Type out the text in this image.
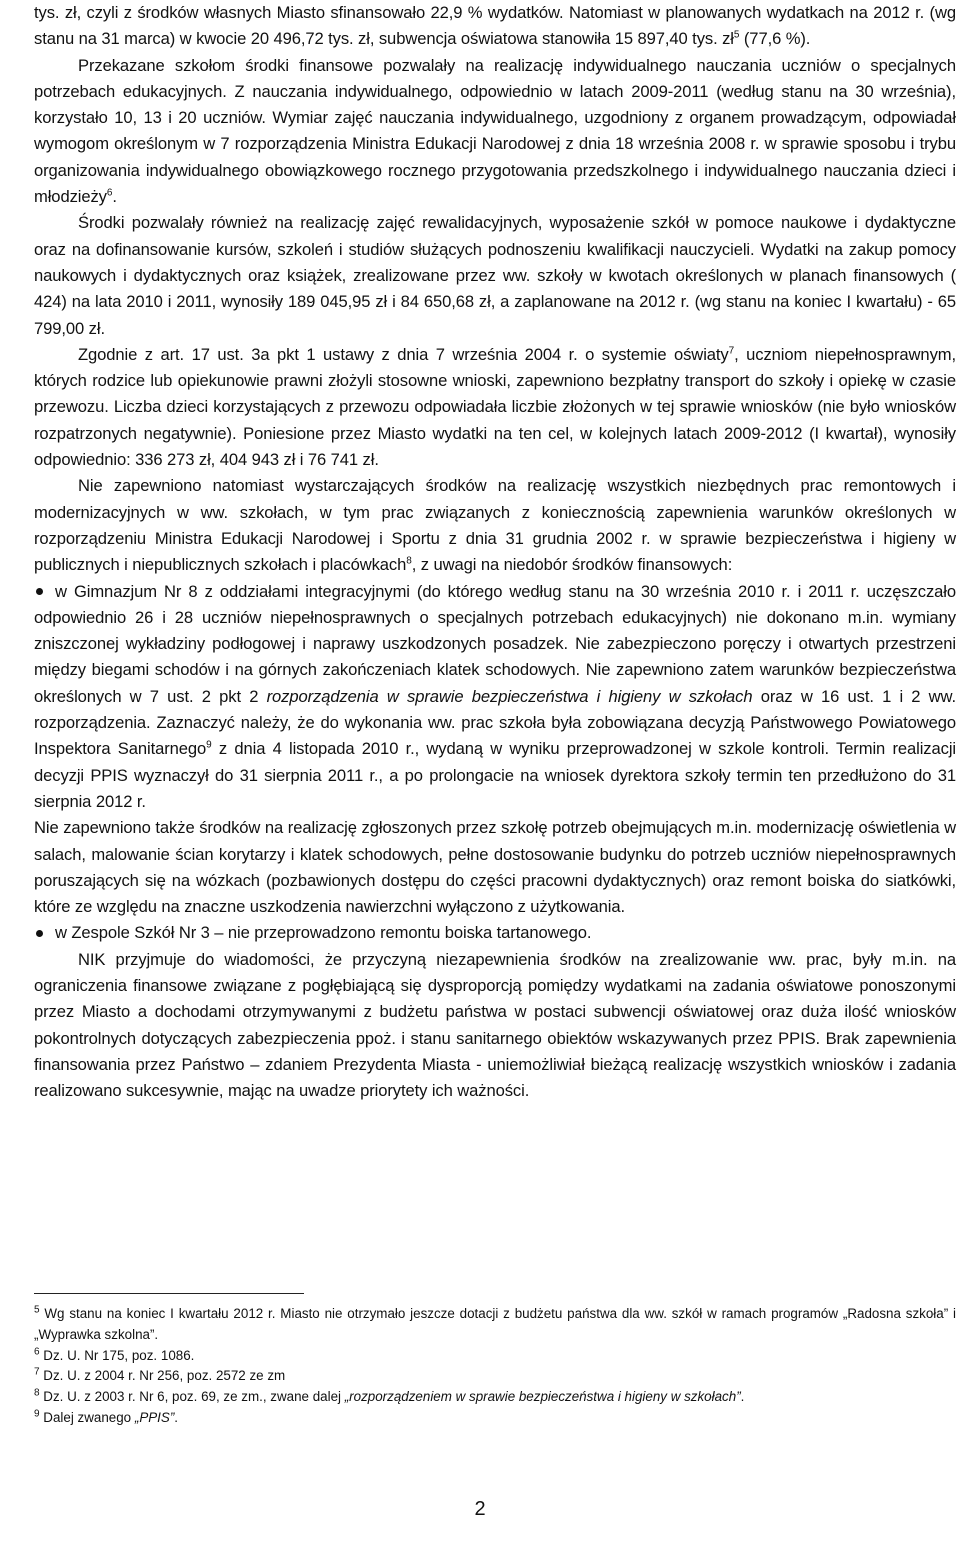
tys. zł, czyli z środków własnych Miasto sfinansowało 22,9 % wydatków. Natomiast w planowanych wydatkach na 2012 r. (wg stanu na 31 marca) w kwocie 20 496,72 tys. zł, subwencja oświatowa stanowiła 15 897,40 tys. $zł^5$ (77,6 %).

Przekazane szkołom środki finansowe pozwalały na realizację indywidualnego nauczania uczniów o specjalnych potrzebach edukacyjnych. Z nauczania indywidualnego, odpowiednio w latach 2009-2011 (według stanu na 30 września), korzystało 10, 13 i 20 uczniów. Wymiar zajęć nauczania indywidualnego, uzgodniony z organem prowadzącym, odpowiadał wymogom określonym w 7 rozporządzenia Ministra Edukacji Narodowej z dnia 18 września 2008 r. w sprawie sposobu i trybu organizowania indywidualnego obowiązkowego rocznego przygotowania przedszkolnego i indywidualnego nauczania dzieci i młodzieży$^6$.

Środki pozwalały również na realizację zajęć rewalidacyjnych, wyposażenie szkół w pomoce naukowe i dydaktyczne oraz na dofinansowanie kursów, szkoleń i studiów służących podnoszeniu kwalifikacji nauczycieli. Wydatki na zakup pomocy naukowych i dydaktycznych oraz książek, zrealizowane przez ww. szkoły w kwotach określonych w planach finansowych ( 424) na lata 2010 i 2011, wynosiły 189 045,95 zł i 84 650,68 zł, a zaplanowane na 2012 r. (wg stanu na koniec I kwartału) - 65 799,00 zł.

Zgodnie z art. 17 ust. 3a pkt 1 ustawy z dnia 7 września 2004 r. o systemie oświaty$^7$, uczniom niepełnosprawnym, których rodzice lub opiekunowie prawni złożyli stosowne wnioski, zapewniono bezpłatny transport do szkoły i opiekę w czasie przewozu. Liczba dzieci korzystających z przewozu odpowiadała liczbie złożonych w tej sprawie wniosków (nie było wniosków rozpatrzonych negatywnie). Poniesione przez Miasto wydatki na ten cel, w kolejnych latach 2009-2012 (I kwartał), wynosiły odpowiednio: 336 273 zł, 404 943 zł i 76 741 zł.

Nie zapewniono natomiast wystarczających środków na realizację wszystkich niezbędnych prac remontowych i modernizacyjnych w ww. szkołach, w tym prac związanych z koniecznością zapewnienia warunków określonych w rozporządzeniu Ministra Edukacji Narodowej i Sportu z dnia 31 grudnia 2002 r. w sprawie bezpieczeństwa i higieny w publicznych i niepublicznych szkołach i placówkach$^8$, z uwagi na niedobór środków finansowych:

w Gimnazjum Nr 8 z oddziałami integracyjnymi (do którego według stanu na 30 września 2010 r. i 2011 r. uczęszczało odpowiednio 26 i 28 uczniów niepełnosprawnych o specjalnych potrzebach edukacyjnych) nie dokonano m.in. wymiany zniszczonej wykładziny podłogowej i naprawy uszkodzonych posadzek. Nie zabezpieczono poręczy i otwartych przestrzeni między biegami schodów i na górnych zakończeniach klatek schodowych. Nie zapewniono zatem warunków bezpieczeństwa określonych w 7 ust. 2 pkt 2 rozporządzenia w sprawie bezpieczeństwa i higieny w szkołach oraz w 16 ust. 1 i 2 ww. rozporządzenia. Zaznaczyć należy, że do wykonania ww. prac szkoła była zobowiązana decyzją Państwowego Powiatowego Inspektora Sanitarnego$^9$ z dnia 4 listopada 2010 r., wydaną w wyniku przeprowadzonej w szkole kontroli. Termin realizacji decyzji PPIS wyznaczył do 31 sierpnia 2011 r., a po prolongacie na wniosek dyrektora szkoły termin ten przedłużono do 31 sierpnia 2012 r.

Nie zapewniono także środków na realizację zgłoszonych przez szkołę potrzeb obejmujących m.in. modernizację oświetlenia w salach, malowanie ścian korytarzy i klatek schodowych, pełne dostosowanie budynku do potrzeb uczniów niepełnosprawnych poruszających się na wózkach (pozbawionych dostępu do części pracowni dydaktycznych) oraz remont boiska do siatkówki, które ze względu na znaczne uszkodzenia nawierzchni wyłączono z użytkowania.

w Zespole Szkół Nr 3 – nie przeprowadzono remontu boiska tartanowego.

NIK przyjmuje do wiadomości, że przyczyną niezapewnienia środków na zrealizowanie ww. prac, były m.in. na ograniczenia finansowe związane z pogłębiającą się dysproporcją pomiędzy wydatkami na zadania oświatowe ponoszonymi przez Miasto a dochodami otrzymywanymi z budżetu państwa w postaci subwencji oświatowej oraz duża ilość wniosków pokontrolnych dotyczących zabezpieczenia ppoż. i stanu sanitarnego obiektów wskazywanych przez PPIS. Brak zapewnienia finansowania przez Państwo – zdaniem Prezydenta Miasta - uniemożliwiał bieżącą realizację wszystkich wniosków i zadania realizowano sukcesywnie, mając na uwadze priorytety ich ważności.

$^5$ Wg stanu na koniec I kwartału 2012 r. Miasto nie otrzymało jeszcze dotacji z budżetu państwa dla ww. szkół w ramach programów „Radosna szkoła” i „Wyprawka szkolna”.

$^6$ Dz. U. Nr 175, poz. 1086.

$^7$ Dz. U. z 2004 r. Nr 256, poz. 2572 ze zm

$^8$ Dz. U. z 2003 r. Nr 6, poz. 69, ze zm., zwane dalej „rozporządzeniem w sprawie bezpieczeństwa i higieny w szkołach”.

$^9$ Dalej zwanego „PPIS”.

2
